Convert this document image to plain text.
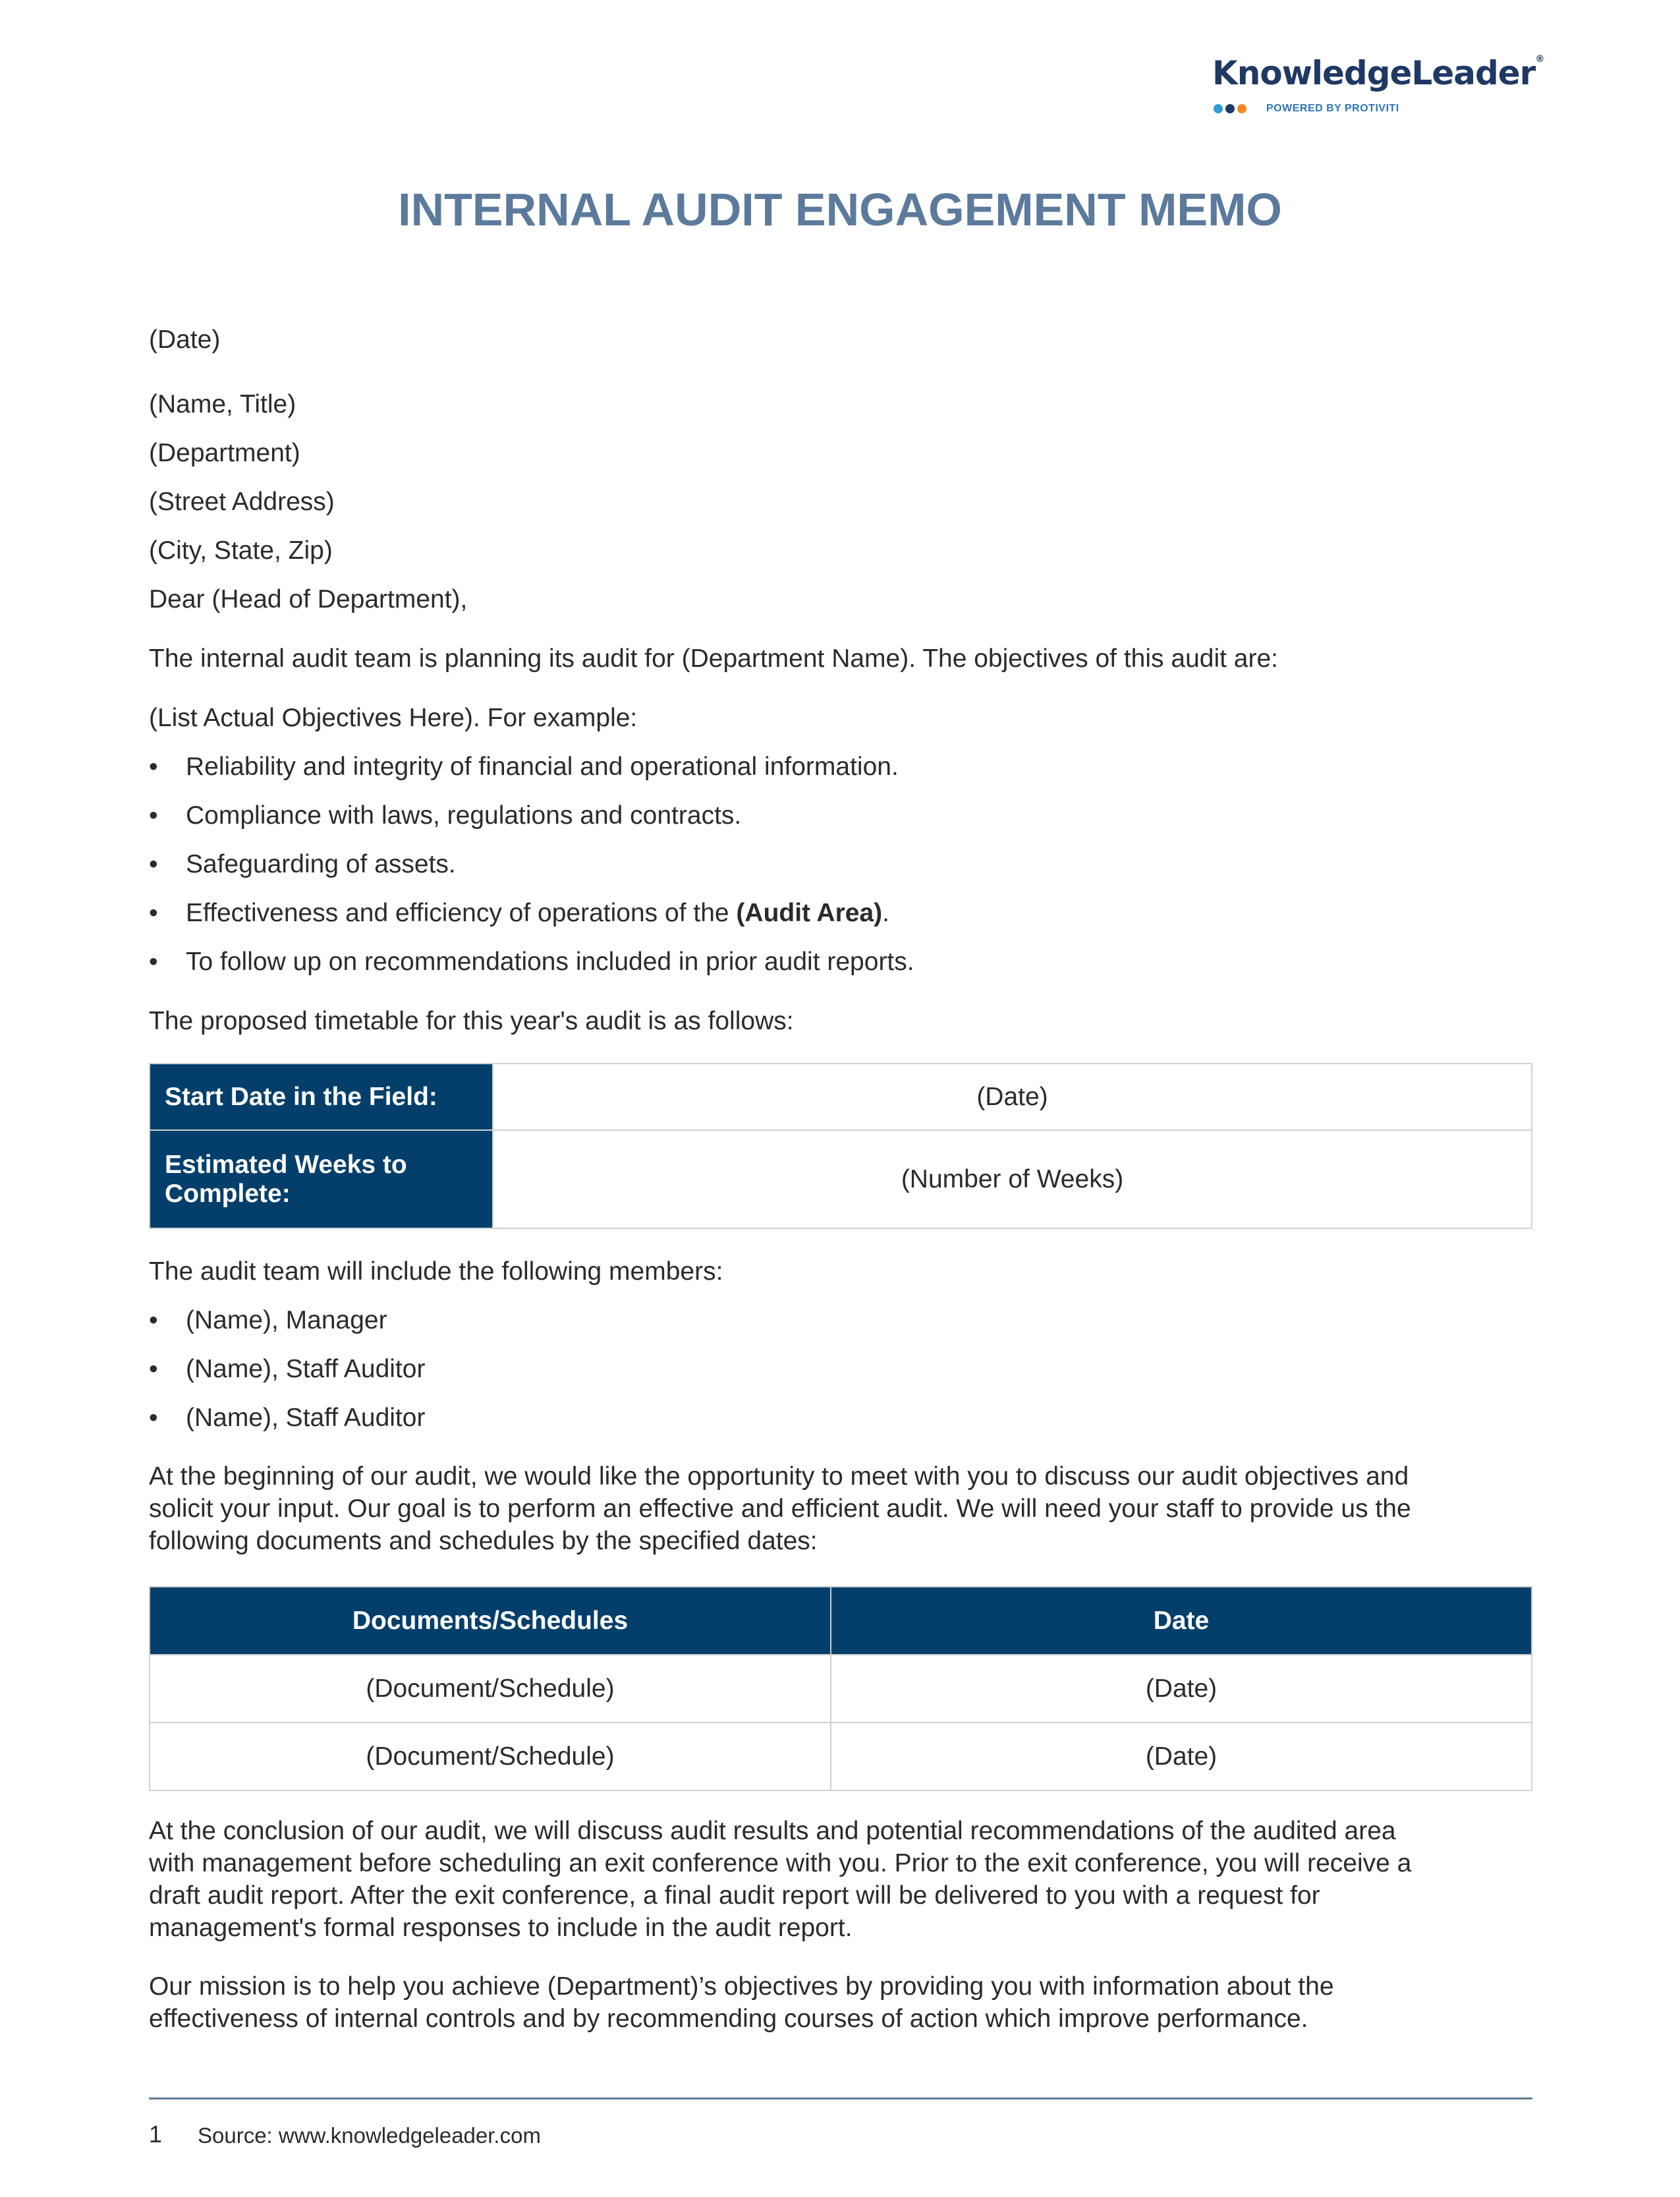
KnowledgeLeader®
POWERED BY PROTIVITI
INTERNAL AUDIT ENGAGEMENT MEMO
(Date)
(Name, Title)
(Department)
(Street Address)
(City, State, Zip)
Dear (Head of Department),
The internal audit team is planning its audit for (Department Name). The objectives of this audit are:
(List Actual Objectives Here). For example:
• Reliability and integrity of financial and operational information.
• Compliance with laws, regulations and contracts.
• Safeguarding of assets.
• Effectiveness and efficiency of operations of the (Audit Area).
• To follow up on recommendations included in prior audit reports.
The proposed timetable for this year's audit is as follows:
Start Date in the Field:	(Date)
Estimated Weeks to
Complete:	(Number of Weeks)
The audit team will include the following members:
• (Name), Manager
• (Name), Staff Auditor
• (Name), Staff Auditor
At the beginning of our audit, we would like the opportunity to meet with you to discuss our audit objectives and
solicit your input. Our goal is to perform an effective and efficient audit. We will need your staff to provide us the
following documents and schedules by the specified dates:
Documents/Schedules	Date
(Document/Schedule)	(Date)
(Document/Schedule)	(Date)
At the conclusion of our audit, we will discuss audit results and potential recommendations of the audited area
with management before scheduling an exit conference with you. Prior to the exit conference, you will receive a
draft audit report. After the exit conference, a final audit report will be delivered to you with a request for
management's formal responses to include in the audit report.
Our mission is to help you achieve (Department)’s objectives by providing you with information about the
effectiveness of internal controls and by recommending courses of action which improve performance.
1 Source: www.knowledgeleader.com
